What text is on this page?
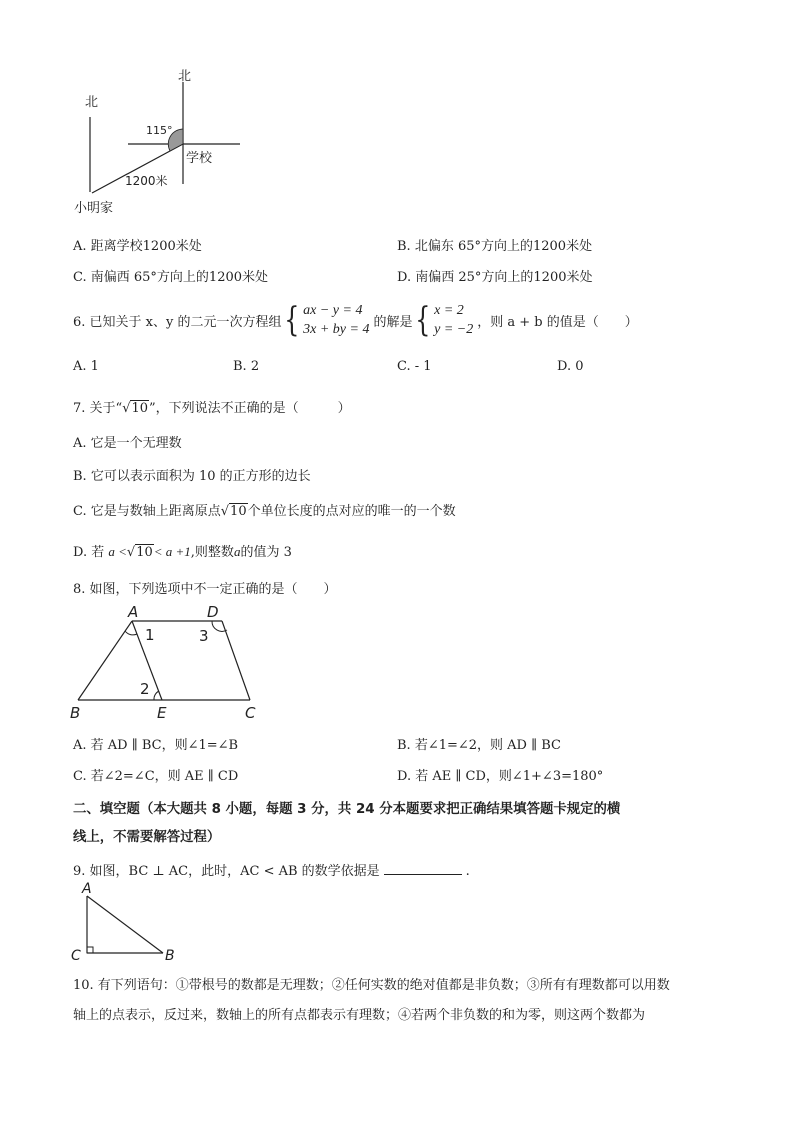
北
北
115°
学校
1200米
小明家
A. 距离学校1200米处	B. 北偏东 65°方向上的1200米处
C. 南偏西 65°方向上的1200米处	D. 南偏西 25°方向上的1200米处
6. 已知关于 x、y 的二元一次方程组 { ax − y = 4
3x + by = 4 的解是 { x = 2
y = −2 ，则 a + b 的值是（　　）
A. 1	B. 2	C. - 1	D. 0
7. 关于“√10”，下列说法不正确的是（　　　）
A. 它是一个无理数
B. 它可以表示面积为 10 的正方形的边长
C. 它是与数轴上距离原点√10个单位长度的点对应的唯一的一个数
D. 若 a <√10< a +1,则整数a的值为 3
8. 如图，下列选项中不一定正确的是（　　）
A	D
B	E	C
1	3
2
A. 若 AD ∥ BC，则∠1=∠B	B. 若∠1=∠2，则 AD ∥ BC
C. 若∠2=∠C，则 AE ∥ CD	D. 若 AE ∥ CD，则∠1+∠3=180°
二、填空题（本大题共 8 小题，每题 3 分，共 24 分本题要求把正确结果填答题卡规定的横
线上，不需要解答过程）
9. 如图，BC ⊥ AC，此时，AC < AB 的数学依据是	.
A
C	B
10. 有下列语句：①带根号的数都是无理数；②任何实数的绝对值都是非负数；③所有有理数都可以用数
轴上的点表示，反过来，数轴上的所有点都表示有理数；④若两个非负数的和为零，则这两个数都为
